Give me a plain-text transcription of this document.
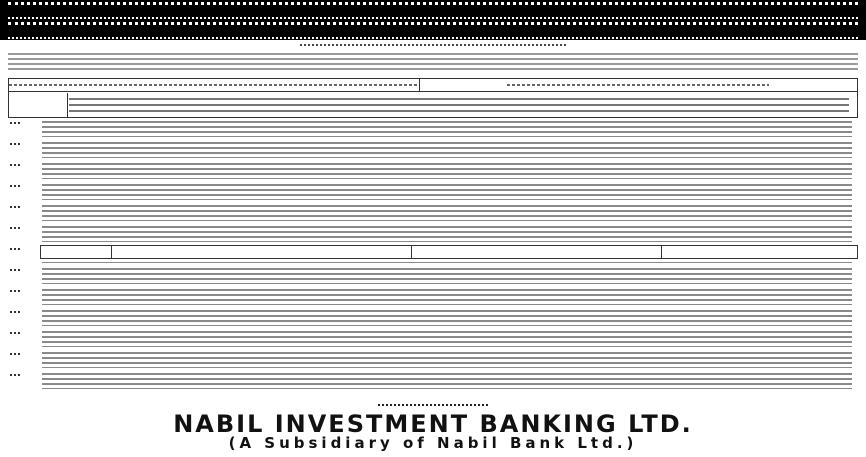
NABIL INVESTMENT BANKING LTD.
(A Subsidiary of Nabil Bank Ltd.)
